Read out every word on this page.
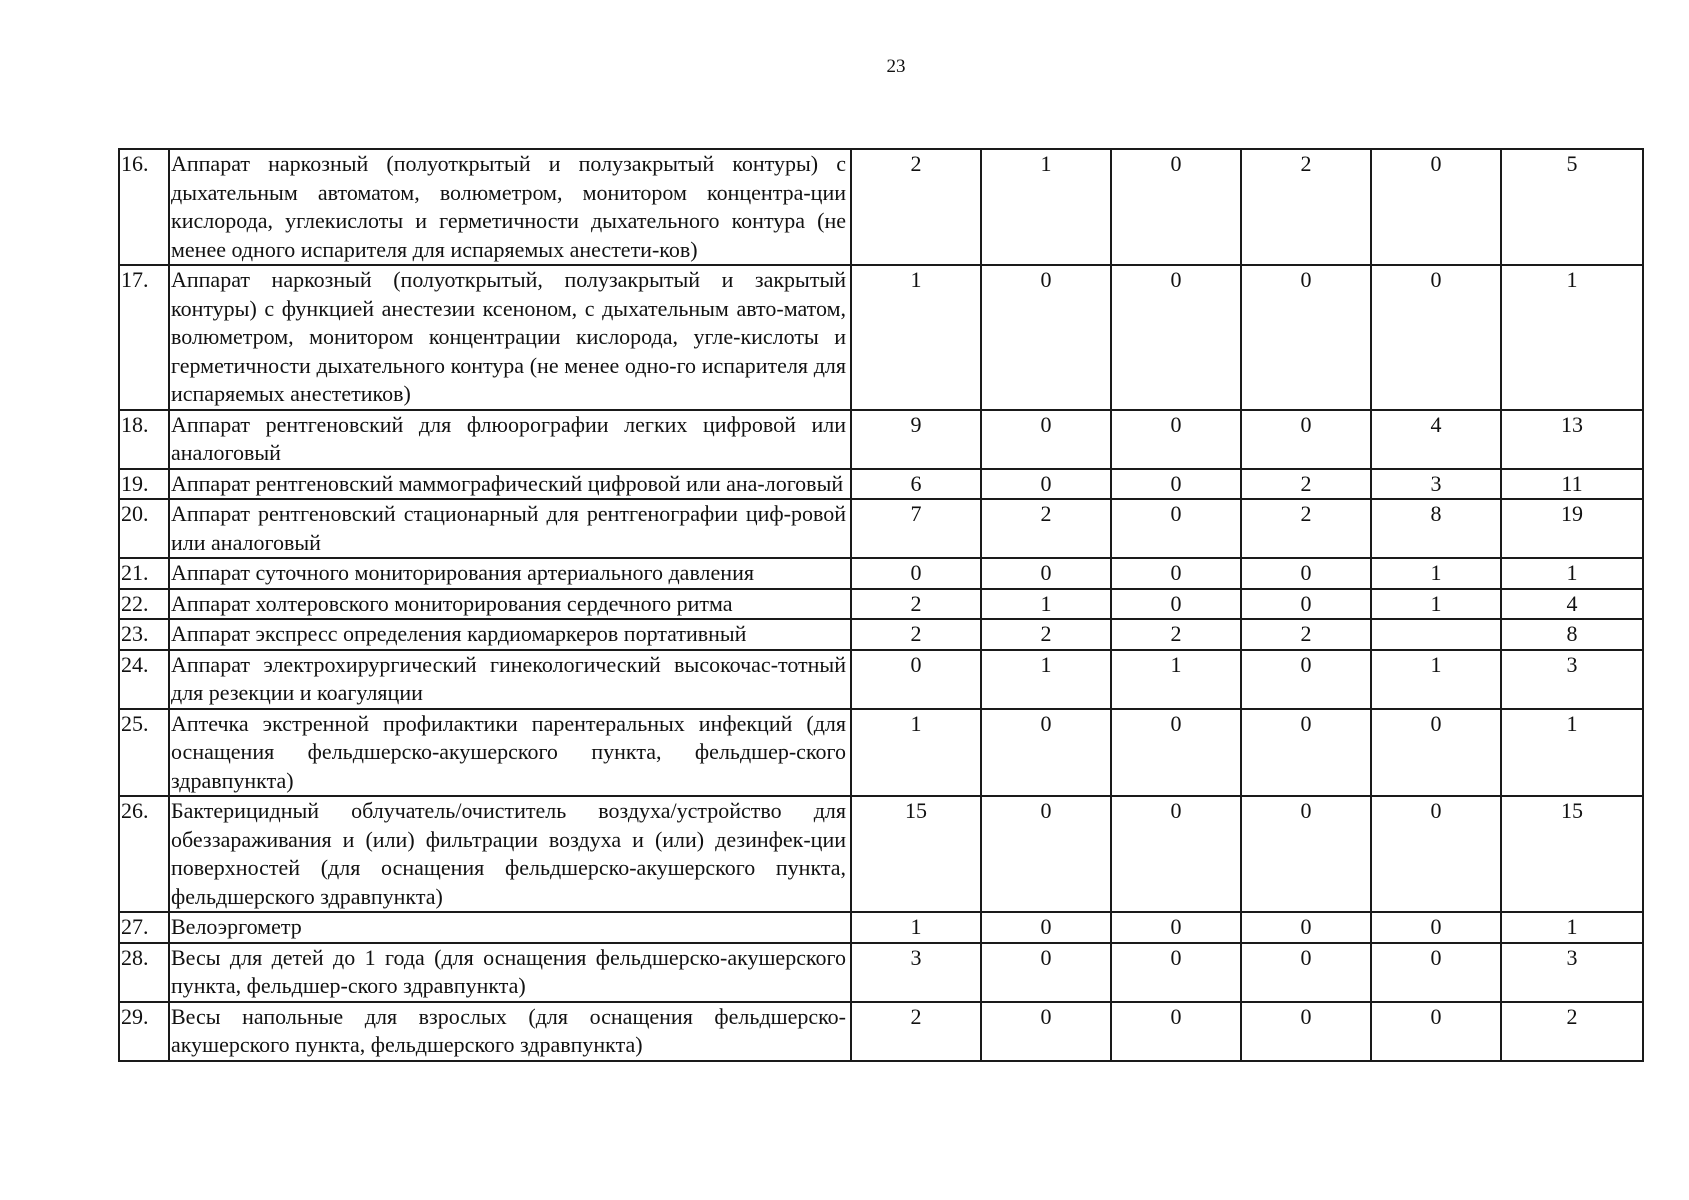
23
16.	Аппарат наркозный (полуоткрытый и полузакрытый контуры) с дыхательным автоматом, волюметром, монитором концентра-ции кислорода, углекислоты и герметичности дыхательного контура (не менее одного испарителя для испаряемых анестети-ков)	2	1	0	2	0	5
17.	Аппарат наркозный (полуоткрытый, полузакрытый и закрытый контуры) с функцией анестезии ксеноном, с дыхательным авто-матом, волюметром, монитором концентрации кислорода, угле-кислоты и герметичности дыхательного контура (не менее одно-го испарителя для испаряемых анестетиков)	1	0	0	0	0	1
18.	Аппарат рентгеновский для флюорографии легких цифровой или аналоговый	9	0	0	0	4	13
19.	Аппарат рентгеновский маммографический цифровой или ана-логовый	6	0	0	2	3	11
20.	Аппарат рентгеновский стационарный для рентгенографии циф-ровой или аналоговый	7	2	0	2	8	19
21.	Аппарат суточного мониторирования артериального давления	0	0	0	0	1	1
22.	Аппарат холтеровского мониторирования сердечного ритма	2	1	0	0	1	4
23.	Аппарат экспресс определения кардиомаркеров портативный	2	2	2	2		8
24.	Аппарат электрохирургический гинекологический высокочас-тотный для резекции и коагуляции	0	1	1	0	1	3
25.	Аптечка экстренной профилактики парентеральных инфекций (для оснащения фельдшерско-акушерского пункта, фельдшер-ского здравпункта)	1	0	0	0	0	1
26.	Бактерицидный облучатель/очиститель воздуха/устройство для обеззараживания и (или) фильтрации воздуха и (или) дезинфек-ции поверхностей (для оснащения фельдшерско-акушерского пункта, фельдшерского здравпункта)	15	0	0	0	0	15
27.	Велоэргометр	1	0	0	0	0	1
28.	Весы для детей до 1 года (для оснащения фельдшерско-акушерского пункта, фельдшер-ского здравпункта)	3	0	0	0	0	3
29.	Весы напольные для взрослых (для оснащения фельдшерско-акушерского пункта, фельдшерского здравпункта)	2	0	0	0	0	2
